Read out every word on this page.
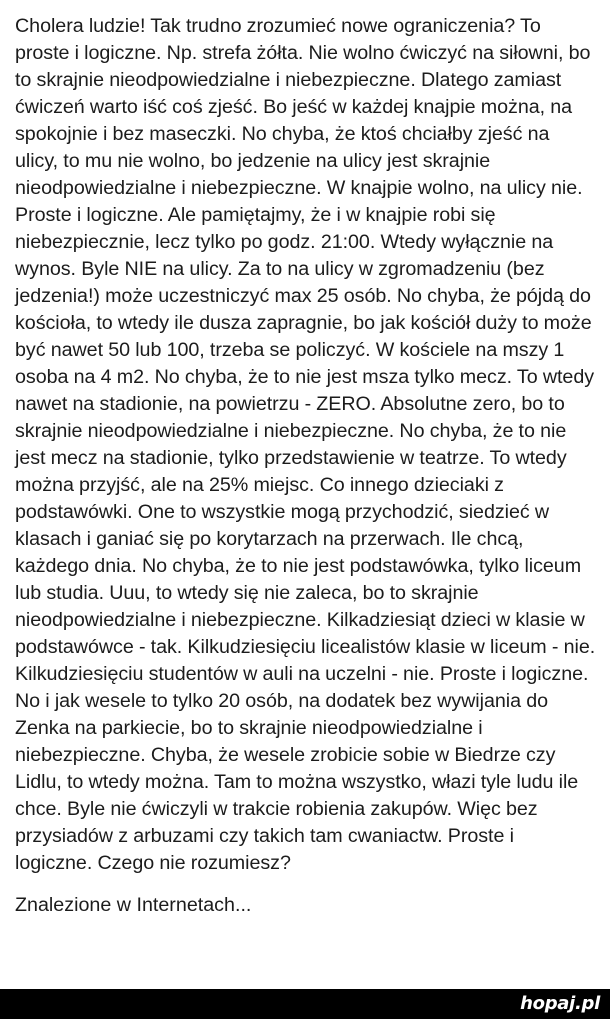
Cholera ludzie! Tak trudno zrozumieć nowe ograniczenia? To proste i logiczne. Np. strefa żółta. Nie wolno ćwiczyć na siłowni, bo to skrajnie nieodpowiedzialne i niebezpieczne. Dlatego zamiast ćwiczeń warto iść coś zjeść. Bo jeść w każdej knajpie można, na spokojnie i bez maseczki. No chyba, że ktoś chciałby zjeść na ulicy, to mu nie wolno, bo jedzenie na ulicy jest skrajnie nieodpowiedzialne i niebezpieczne. W knajpie wolno, na ulicy nie. Proste i logiczne. Ale pamiętajmy, że i w knajpie robi się niebezpiecznie, lecz tylko po godz. 21:00. Wtedy wyłącznie na wynos. Byle NIE na ulicy. Za to na ulicy w zgromadzeniu (bez jedzenia!) może uczestniczyć max 25 osób. No chyba, że pójdą do kościoła, to wtedy ile dusza zapragnie, bo jak kościół duży to może być nawet 50 lub 100, trzeba se policzyć. W kościele na mszy 1 osoba na 4 m2. No chyba, że to nie jest msza tylko mecz. To wtedy nawet na stadionie, na powietrzu - ZERO. Absolutne zero, bo to skrajnie nieodpowiedzialne i niebezpieczne. No chyba, że to nie jest mecz na stadionie, tylko przedstawienie w teatrze. To wtedy można przyjść, ale na 25% miejsc. Co innego dzieciaki z podstawówki. One to wszystkie mogą przychodzić, siedzieć w klasach i ganiać się po korytarzach na przerwach. Ile chcą, każdego dnia. No chyba, że to nie jest podstawówka, tylko liceum lub studia. Uuu, to wtedy się nie zaleca, bo to skrajnie nieodpowiedzialne i niebezpieczne. Kilkadziesiąt dzieci w klasie w podstawówce - tak. Kilkudziesięciu licealistów klasie w liceum - nie. Kilkudziesięciu studentów w auli na uczelni - nie. Proste i logiczne. No i jak wesele to tylko 20 osób, na dodatek bez wywijania do Zenka na parkiecie, bo to skrajnie nieodpowiedzialne i niebezpieczne. Chyba, że wesele zrobicie sobie w Biedrze czy Lidlu, to wtedy można. Tam to można wszystko, włazi tyle ludu ile chce. Byle nie ćwiczyli w trakcie robienia zakupów. Więc bez przysiadów z arbuzami czy takich tam cwaniactw. Proste i logiczne. Czego nie rozumiesz?

Znalezione w Internetach...

hopaj.pl
